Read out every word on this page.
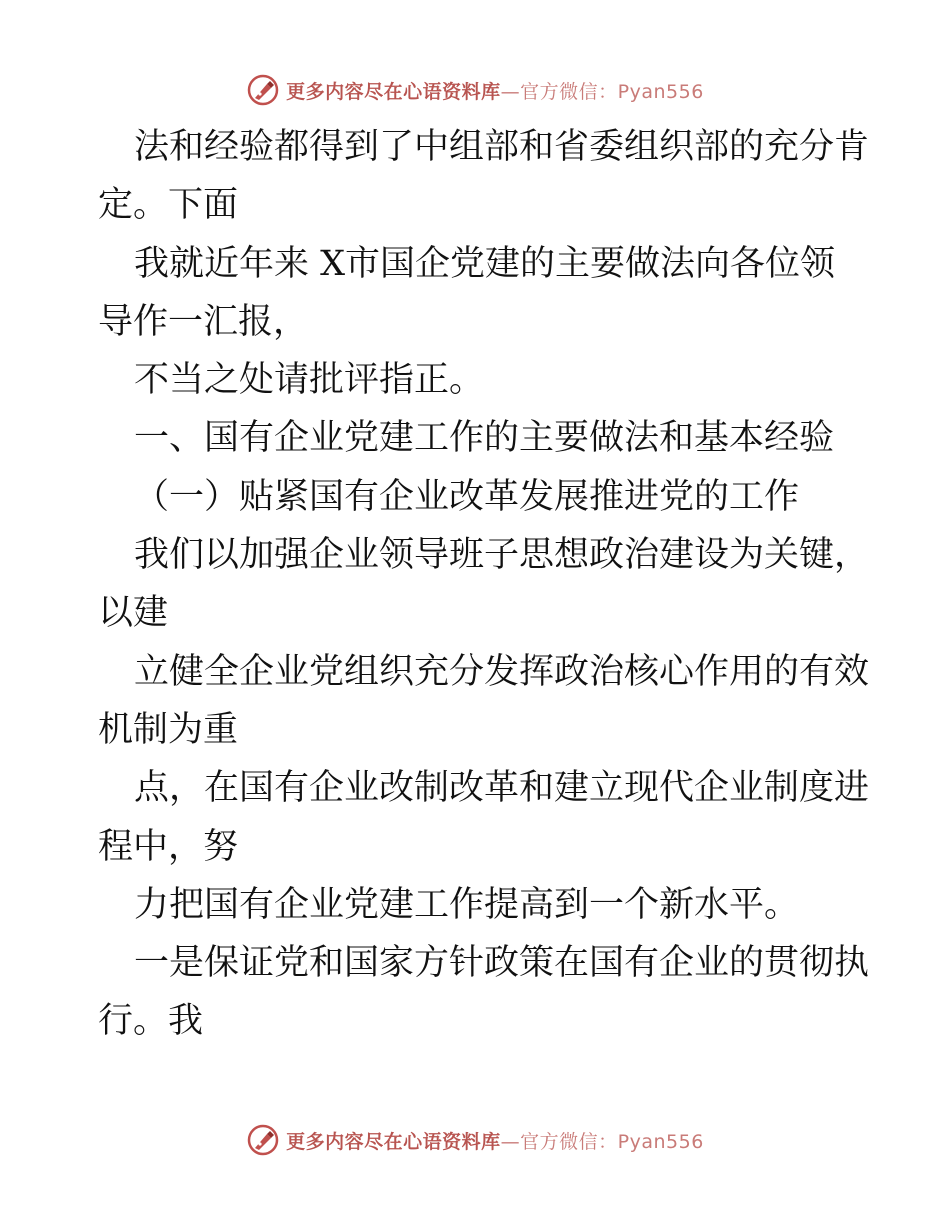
更多内容尽在心语资料库—官方微信：Pyan556
法和经验都得到了中组部和省委组织部的充分肯
定。下面
我就近年来 X市国企党建的主要做法向各位领
导作一汇报，
不当之处请批评指正。
一、国有企业党建工作的主要做法和基本经验
（一）贴紧国有企业改革发展推进党的工作
我们以加强企业领导班子思想政治建设为关键，
以建
立健全企业党组织充分发挥政治核心作用的有效
机制为重
点，在国有企业改制改革和建立现代企业制度进
程中，努
力把国有企业党建工作提高到一个新水平。
一是保证党和国家方针政策在国有企业的贯彻执
行。我
更多内容尽在心语资料库—官方微信：Pyan556
